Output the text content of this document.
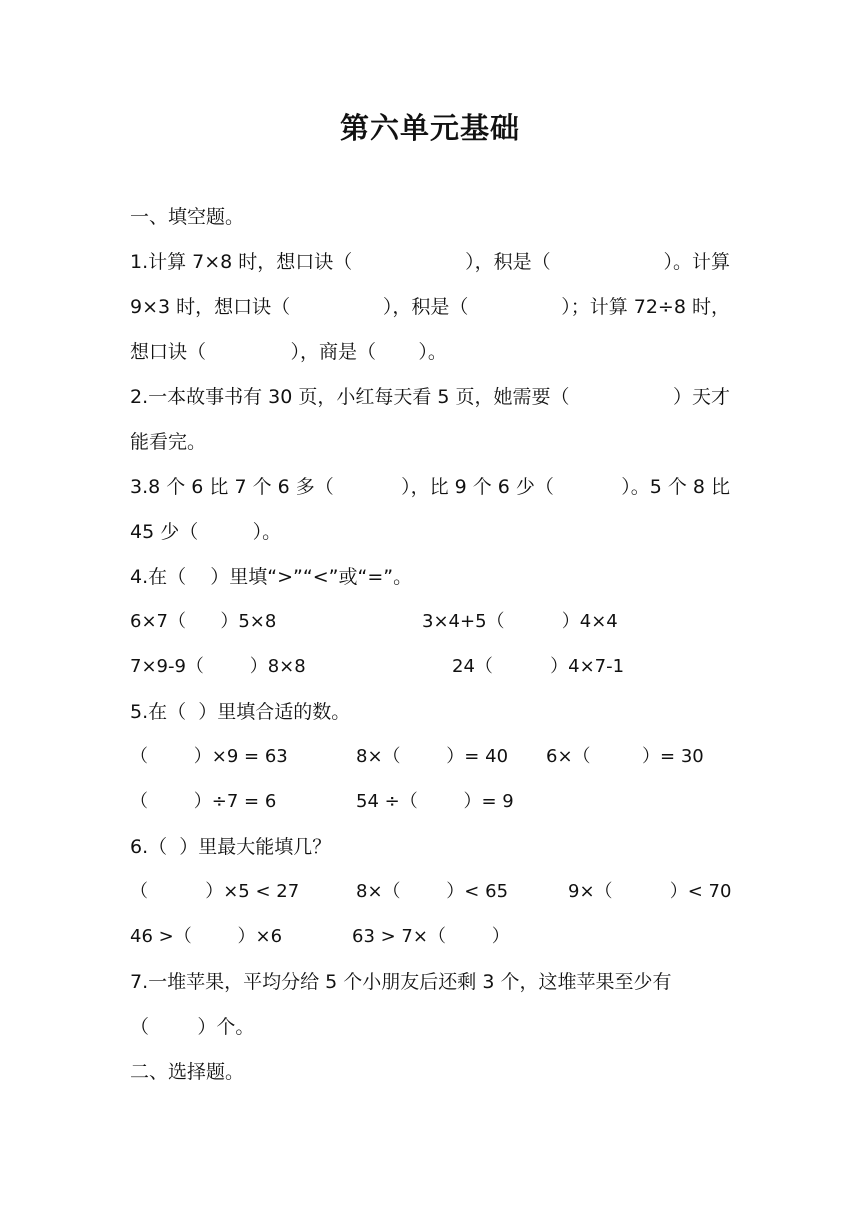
第六单元基础
一、填空题。
1.计算 7×8 时，想口诀（	），积是（	）。计算
9×3 时，想口诀（	），积是（	）；计算 72÷8 时，
想口诀（              ），商是（       ）。
2.一本故事书有 30 页，小红每天看 5 页，她需要（	）天才
能看完。
3.8 个 6 比 7 个 6 多（	），比 9 个 6 少（	）。5 个 8 比
45 少（         ）。
4.在（    ）里填“>”“<”或“=”。
6×7（      ）5×8	3×4+5（          ）4×4
7×9-9（        ）8×8	24（          ）4×7-1
5.在（  ）里填合适的数。
（        ）×9 = 63	8×（        ）= 40 6×（         ）= 30
（        ）÷7 = 6	54 ÷（        ）= 9
6.（  ）里最大能填几？
（          ）×5 < 27	8×（        ）< 65	9×（          ）< 70
46 >（        ）×6	63 > 7×（        ）
7.一堆苹果，平均分给 5 个小朋友后还剩 3 个，这堆苹果至少有
（        ）个。
二、选择题。
